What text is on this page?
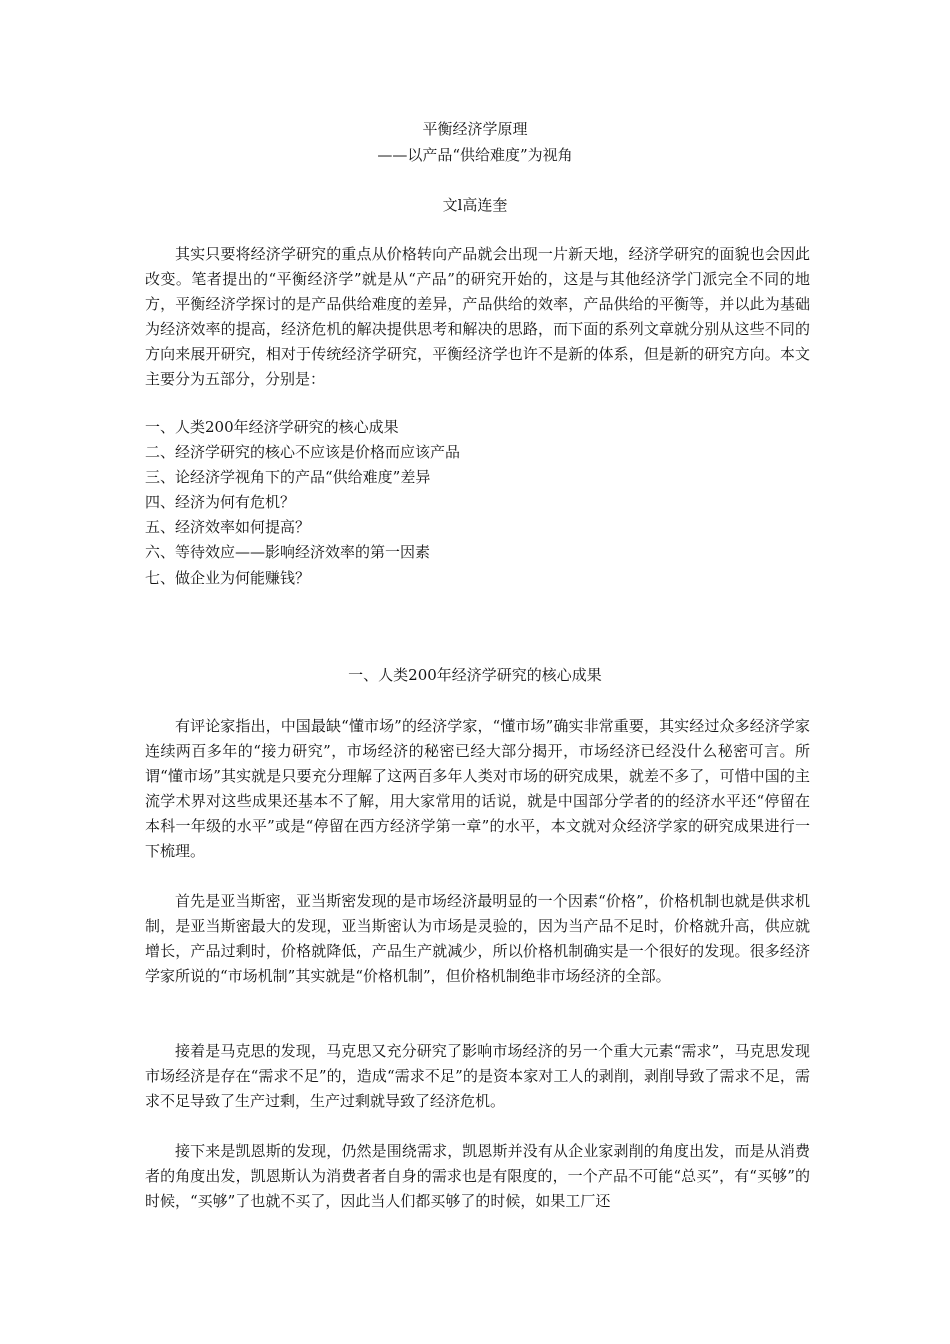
平衡经济学原理
——以产品“供给难度”为视角
文l高连奎

其实只要将经济学研究的重点从价格转向产品就会出现一片新天地，经济学研究的面貌也会因此改变。笔者提出的“平衡经济学”就是从“产品”的研究开始的，这是与其他经济学门派完全不同的地方，平衡经济学探讨的是产品供给难度的差异，产品供给的效率，产品供给的平衡等，并以此为基础为经济效率的提高，经济危机的解决提供思考和解决的思路，而下面的系列文章就分别从这些不同的方向来展开研究，相对于传统经济学研究，平衡经济学也许不是新的体系，但是新的研究方向。本文主要分为五部分，分别是：

一、人类200年经济学研究的核心成果
二、经济学研究的核心不应该是价格而应该产品
三、论经济学视角下的产品“供给难度”差异
四、经济为何有危机？
五、经济效率如何提高？
六、等待效应——影响经济效率的第一因素
七、做企业为何能赚钱？
一、人类200年经济学研究的核心成果

有评论家指出，中国最缺“懂市场”的经济学家，“懂市场”确实非常重要，其实经过众多经济学家连续两百多年的“接力研究”，市场经济的秘密已经大部分揭开，市场经济已经没什么秘密可言。所谓“懂市场”其实就是只要充分理解了这两百多年人类对市场的研究成果，就差不多了，可惜中国的主流学术界对这些成果还基本不了解，用大家常用的话说，就是中国部分学者的的经济水平还“停留在本科一年级的水平”或是“停留在西方经济学第一章”的水平，本文就对众经济学家的研究成果进行一下梳理。

首先是亚当斯密，亚当斯密发现的是市场经济最明显的一个因素“价格”，价格机制也就是供求机制，是亚当斯密最大的发现，亚当斯密认为市场是灵验的，因为当产品不足时，价格就升高，供应就增长，产品过剩时，价格就降低，产品生产就减少，所以价格机制确实是一个很好的发现。很多经济学家所说的“市场机制”其实就是“价格机制”，但价格机制绝非市场经济的全部。

接着是马克思的发现，马克思又充分研究了影响市场经济的另一个重大元素“需求”，马克思发现市场经济是存在“需求不足”的，造成“需求不足”的是资本家对工人的剥削，剥削导致了需求不足，需求不足导致了生产过剩，生产过剩就导致了经济危机。

接下来是凯恩斯的发现，仍然是围绕需求，凯恩斯并没有从企业家剥削的角度出发，而是从消费者的角度出发，凯恩斯认为消费者者自身的需求也是有限度的，一个产品不可能“总买”，有“买够”的时候，“买够”了也就不买了，因此当人们都买够了的时候，如果工厂还
